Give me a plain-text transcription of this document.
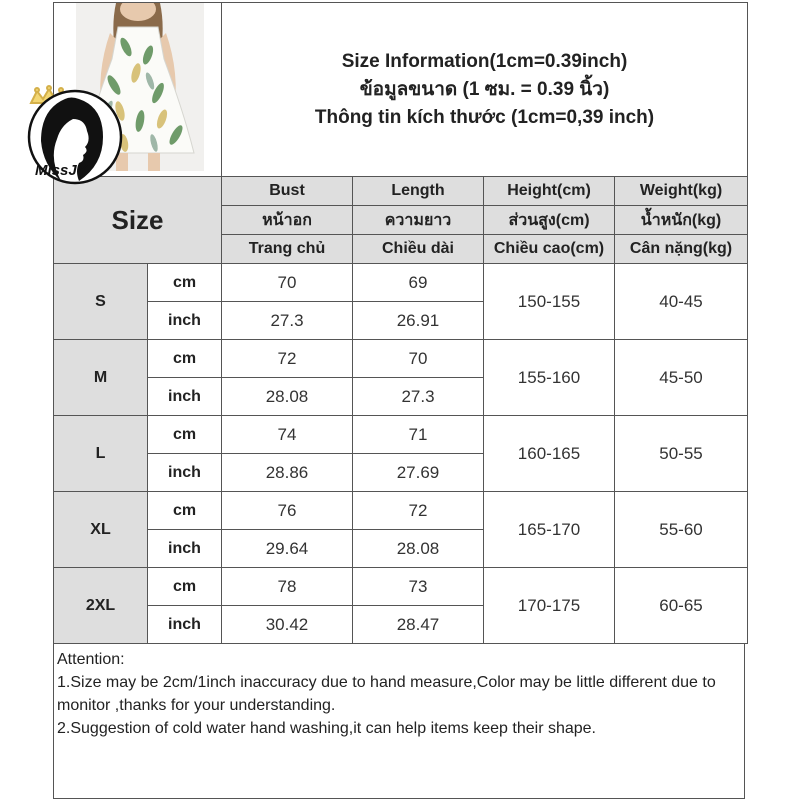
Size Information(1cm=0.39inch)
ข้อมูลขนาด (1 ซม. = 0.39 นิ้ว)
Thông tin kích thước (1cm=0,39 inch)			

Size		Bust	Length	Height(cm)	Weight(kg)
		หน้าอก	ความยาว	ส่วนสูง(cm)	น้ำหนัก(kg)
		Trang chủ	Chiều dài	Chiều cao(cm)	Cân nặng(kg)
S	cm	70	69	150-155	40-45
	inch	27.3	26.91		
M	cm	72	70	155-160	45-50
	inch	28.08	27.3		
L	cm	74	71	160-165	50-55
	inch	28.86	27.69		
XL	cm	76	72	165-170	55-60
	inch	29.64	28.08		
2XL	cm	78	73	170-175	60-65
	inch	30.42	28.47		
Attention:
1.Size may be 2cm/1inch inaccuracy due to hand measure,Color may be little different due to monitor ,thanks for your understanding.
2.Suggestion of cold water hand washing,it can help items keep their shape.
MissJY
